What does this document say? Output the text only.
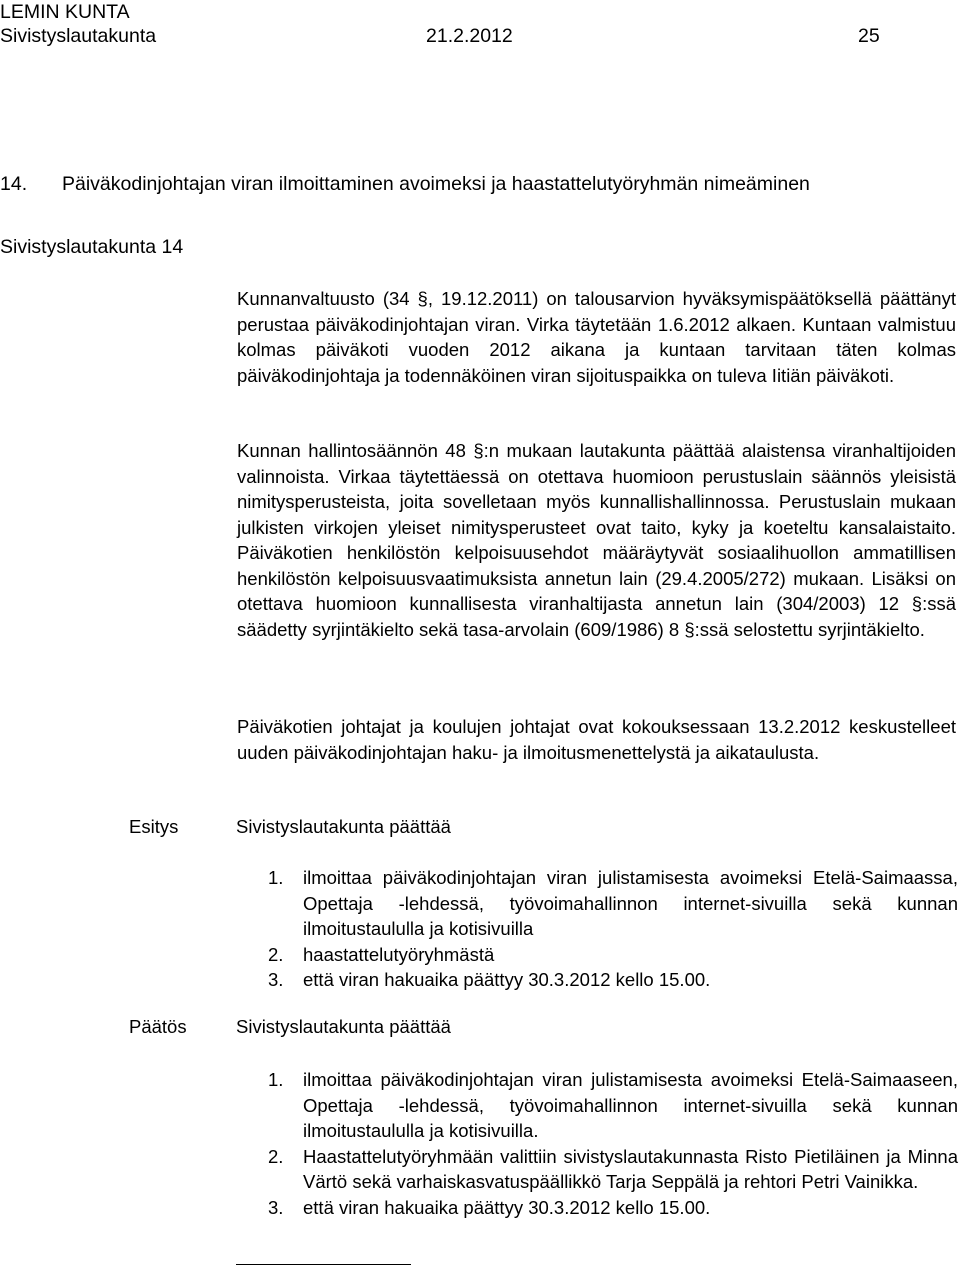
LEMIN KUNTA
Sivistyslautakunta	21.2.2012	25
14. Päiväkodinjohtajan viran ilmoittaminen avoimeksi ja haastattelutyöryhmän nimeäminen
Sivistyslautakunta 14

Kunnanvaltuusto (34 §, 19.12.2011) on talousarvion hyväksymispäätöksellä päättänyt perustaa päiväkodinjohtajan viran. Virka täytetään 1.6.2012 alkaen. Kuntaan valmistuu kolmas päiväkoti vuoden 2012 aikana ja kuntaan tarvitaan täten kolmas päiväkodinjohtaja ja todennäköinen viran sijoituspaikka on tuleva Iitiän päiväkoti.

Kunnan hallintosäännön 48 §:n mukaan lautakunta päättää alaistensa viranhaltijoiden valinnoista. Virkaa täytettäessä on otettava huomioon perustuslain säännös yleisistä nimitysperusteista, joita sovelletaan myös kunnallishallinnossa. Perustuslain mukaan julkisten virkojen yleiset nimitysperusteet ovat taito, kyky ja koeteltu kansalaistaito. Päiväkotien henkilöstön kelpoisuusehdot määräytyvät sosiaalihuollon ammatillisen henkilöstön kelpoisuusvaatimuksista annetun lain (29.4.2005/272) mukaan. Lisäksi on otettava huomioon kunnallisesta viranhaltijasta annetun lain (304/2003) 12 §:ssä säädetty syrjintäkielto sekä tasa-arvolain (609/1986) 8 §:ssä selostettu syrjintäkielto.

Päiväkotien johtajat ja koulujen johtajat ovat kokouksessaan 13.2.2012 keskustelleet uuden päiväkodinjohtajan haku- ja ilmoitusmenettelystä ja aikataulusta.

Esitys	Sivistyslautakunta päättää
1. ilmoittaa päiväkodinjohtajan viran julistamisesta avoimeksi Etelä-Saimaassa, Opettaja -lehdessä, työvoimahallinnon internet-sivuilla sekä kunnan ilmoitustaululla ja kotisivuilla
2. haastattelutyöryhmästä
3. että viran hakuaika päättyy 30.3.2012 kello 15.00.
Päätös	Sivistyslautakunta päättää
1. ilmoittaa päiväkodinjohtajan viran julistamisesta avoimeksi Etelä-Saimaaseen, Opettaja -lehdessä, työvoimahallinnon internet-sivuilla sekä kunnan ilmoitustaululla ja kotisivuilla.
2. Haastattelutyöryhmään valittiin sivistyslautakunnasta Risto Pietiläinen ja Minna Värtö sekä varhaiskasvatuspäällikkö Tarja Seppälä ja rehtori Petri Vainikka.
3. että viran hakuaika päättyy 30.3.2012 kello 15.00.
